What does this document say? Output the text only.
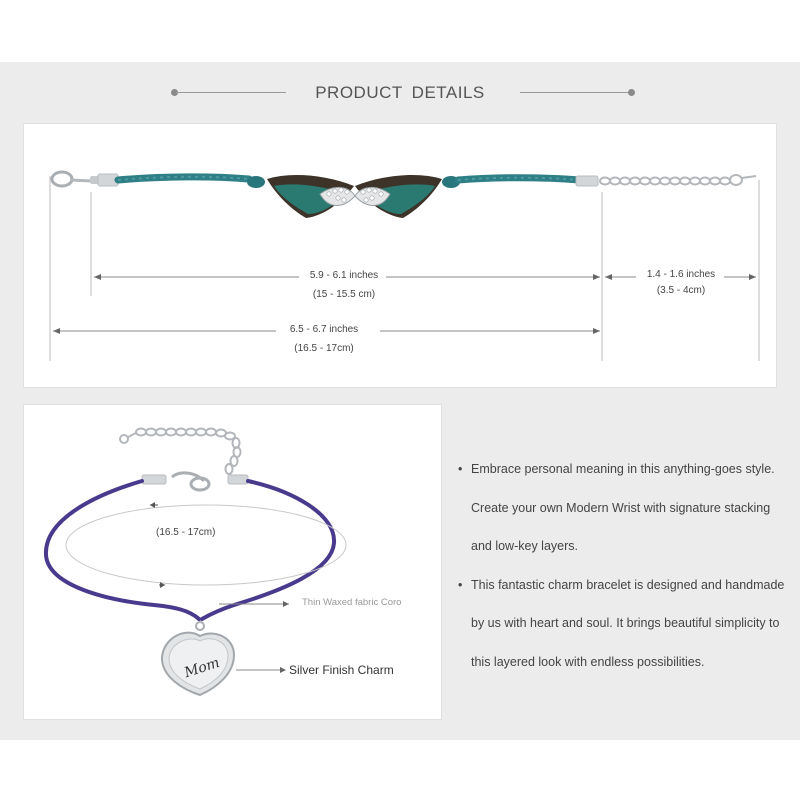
PRODUCT DETAILS
5.9 - 6.1 inches
(15 - 15.5 cm)
1.4 - 1.6 inches
(3.5 - 4cm)
6.5 - 6.7 inches
(16.5 - 17cm)
(16.5 - 17cm)
Thin Waxed fabric Coro
Silver Finish Charm
Mom
• Embrace personal meaning in this anything-goes style.
Create your own Modern Wrist with signature stacking
and low-key layers.
• This fantastic charm bracelet is designed and handmade
by us with heart and soul. It brings beautiful simplicity to
this layered look with endless possibilities.
